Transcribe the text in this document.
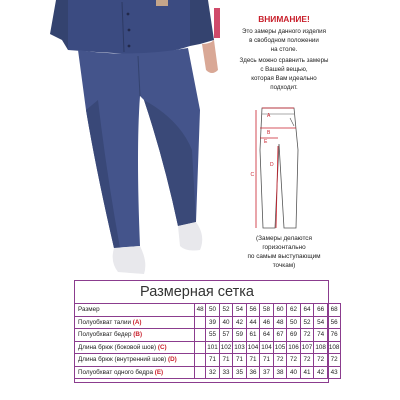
ВНИМАНИЕ!
Это замеры данного изделия
в свободном положении
на столе.
Здесь можно сравнить замеры
с Вашей вещью,
которая Вам идеально
подходит.
A
B
C
D
E
(Замеры делаются
горизонтально
по самым выступающим
точкам)
Размерная сетка
Размер	48	50	52	54	56	58	60	62	64	66	68
Полуобхват талии (A)		39	40	42	44	46	48	50	52	54	56
Полуобхват бедер (B)		55	57	59	61	64	67	69	72	74	76
Длина брюк (боковой шов) (C)		101	102	103	104	104	105	106	107	108	108
Длина брюк (внутренний шов) (D)		71	71	71	71	71	72	72	72	72	72
Полуобхват одного бедра (E)		32	33	35	36	37	38	40	41	42	43
